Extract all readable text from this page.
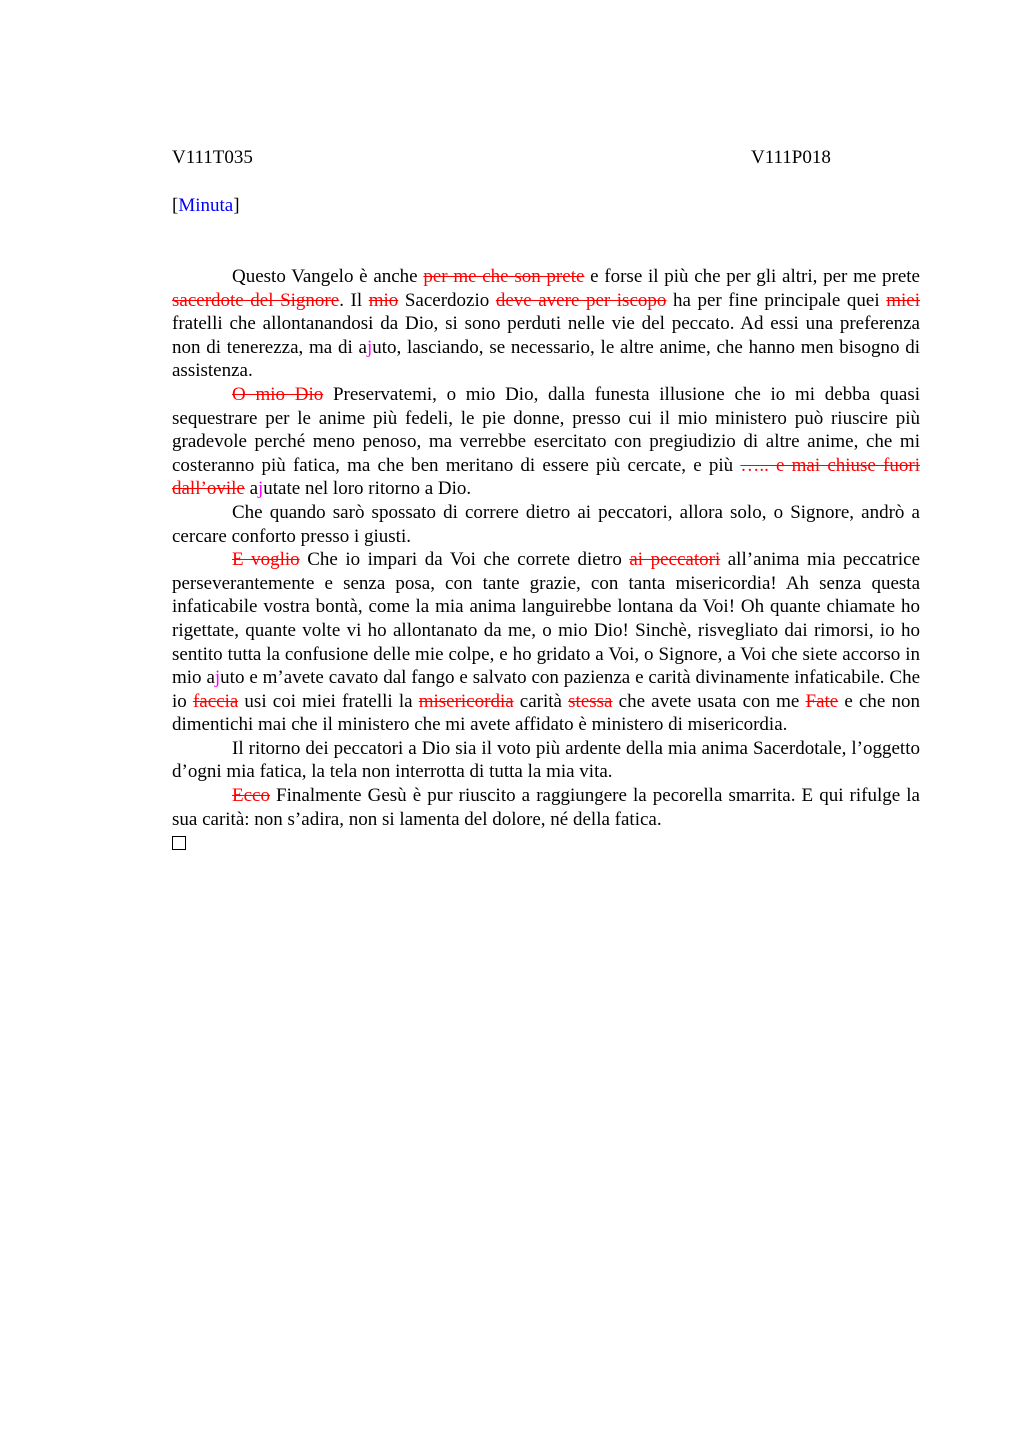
V111T035	V111P018
[Minuta]

Questo Vangelo è anche per me che son prete e forse il più che per gli altri, per me prete sacerdote del Signore. Il mio Sacerdozio deve avere per iscopo ha per fine principale quei miei fratelli che allontanandosi da Dio, si sono perduti nelle vie del peccato. Ad essi una preferenza non di tenerezza, ma di ajuto, lasciando, se necessario, le altre anime, che hanno men bisogno di assistenza.

O mio Dio Preservatemi, o mio Dio, dalla funesta illusione che io mi debba quasi sequestrare per le anime più fedeli, le pie donne, presso cui il mio ministero può riuscire più gradevole perché meno penoso, ma verrebbe esercitato con pregiudizio di altre anime, che mi costeranno più fatica, ma che ben meritano di essere più cercate, e più ….. e mai chiuse fuori dall’ovile ajutate nel loro ritorno a Dio.

Che quando sarò spossato di correre dietro ai peccatori, allora solo, o Signore, andrò a cercare conforto presso i giusti.

E voglio Che io impari da Voi che correte dietro ai peccatori all’anima mia peccatrice perseverantemente e senza posa, con tante grazie, con tanta misericordia! Ah senza questa infaticabile vostra bontà, come la mia anima languirebbe lontana da Voi! Oh quante chiamate ho rigettate, quante volte vi ho allontanato da me, o mio Dio! Sinchè, risvegliato dai rimorsi, io ho sentito tutta la confusione delle mie colpe, e ho gridato a Voi, o Signore, a Voi che siete accorso in mio ajuto e m’avete cavato dal fango e salvato con pazienza e carità divinamente infaticabile. Che io faccia usi coi miei fratelli la misericordia carità stessa che avete usata con me Fate e che non dimentichi mai che il ministero che mi avete affidato è ministero di misericordia.

Il ritorno dei peccatori a Dio sia il voto più ardente della mia anima Sacerdotale, l’oggetto d’ogni mia fatica, la tela non interrotta di tutta la mia vita.

Ecco Finalmente Gesù è pur riuscito a raggiungere la pecorella smarrita. E qui rifulge la sua carità: non s’adira, non si lamenta del dolore, né della fatica.
